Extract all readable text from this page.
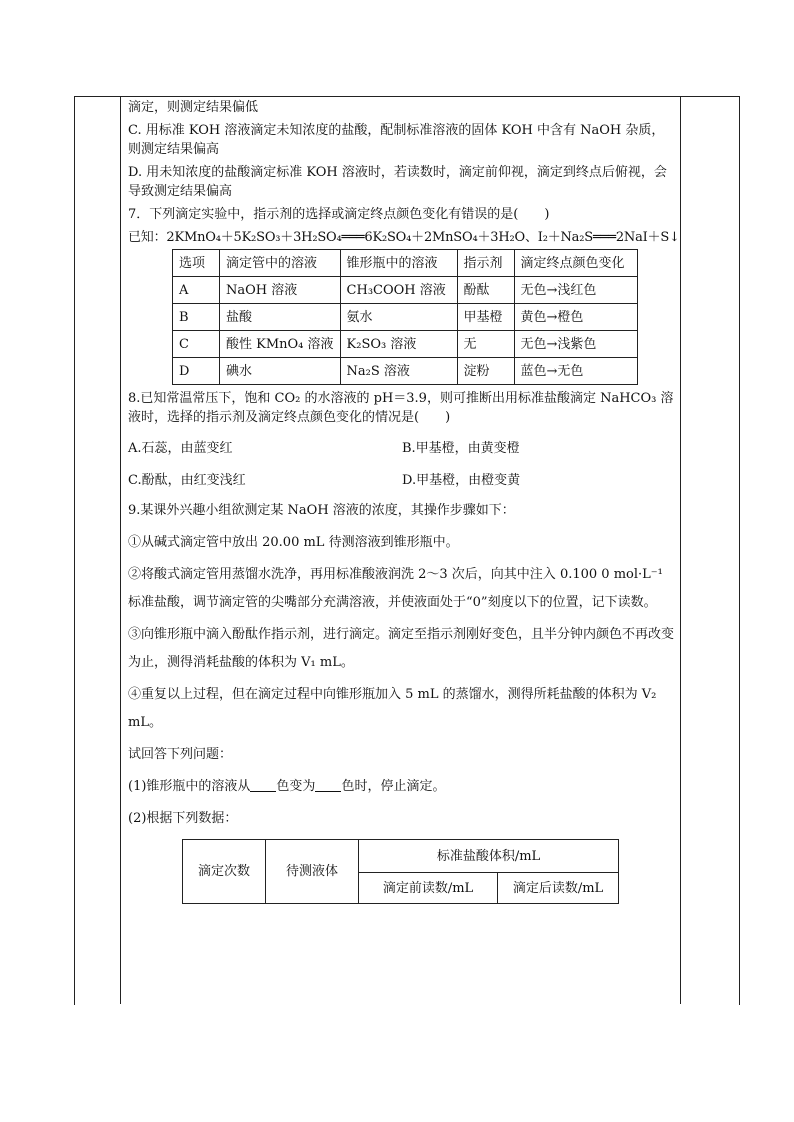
滴定，则测定结果偏低

C. 用标准 KOH 溶液滴定未知浓度的盐酸，配制标准溶液的固体 KOH 中含有 NaOH 杂质，则测定结果偏高

D. 用未知浓度的盐酸滴定标准 KOH 溶液时，若读数时，滴定前仰视，滴定到终点后俯视，会导致测定结果偏高

7．下列滴定实验中，指示剂的选择或滴定终点颜色变化有错误的是(　　)

已知：2KMnO₄＋5K₂SO₃＋3H₂SO₄═══6K₂SO₄＋2MnSO₄＋3H₂O、I₂＋Na₂S═══2NaI＋S↓

选项	滴定管中的溶液	锥形瓶中的溶液	指示剂	滴定终点颜色变化
A	NaOH 溶液	CH₃COOH 溶液	酚酞	无色→浅红色
B	盐酸	氨水	甲基橙	黄色→橙色
C	酸性 KMnO₄ 溶液	K₂SO₃ 溶液	无	无色→浅紫色
D	碘水	Na₂S 溶液	淀粉	蓝色→无色

8.已知常温常压下，饱和 CO₂ 的水溶液的 pH＝3.9，则可推断出用标准盐酸滴定 NaHCO₃ 溶液时，选择的指示剂及滴定终点颜色变化的情况是(　　)

A.石蕊，由蓝变红	B.甲基橙，由黄变橙
C.酚酞，由红变浅红	D.甲基橙，由橙变黄

9.某课外兴趣小组欲测定某 NaOH 溶液的浓度，其操作步骤如下：

①从碱式滴定管中放出 20.00 mL 待测溶液到锥形瓶中。

②将酸式滴定管用蒸馏水洗净，再用标准酸液润洗 2～3 次后，向其中注入 0.100 0 mol·L⁻¹ 标准盐酸，调节滴定管的尖嘴部分充满溶液，并使液面处于“0”刻度以下的位置，记下读数。

③向锥形瓶中滴入酚酞作指示剂，进行滴定。滴定至指示剂刚好变色，且半分钟内颜色不再改变为止，测得消耗盐酸的体积为 V₁ mL。

④重复以上过程，但在滴定过程中向锥形瓶加入 5 mL 的蒸馏水，测得所耗盐酸的体积为 V₂ mL。

试回答下列问题：

(1)锥形瓶中的溶液从 色变为 色时，停止滴定。

(2)根据下列数据：

滴定次数	待测液体	标准盐酸体积/mL	
		滴定前读数/mL	滴定后读数/mL
